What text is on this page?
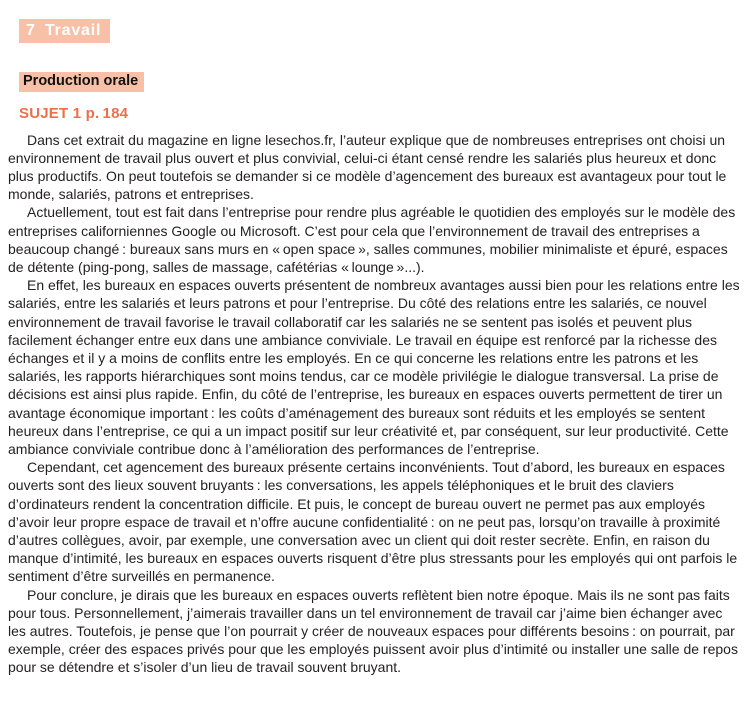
7 Travail
Production orale
SUJET 1 p. 184

Dans cet extrait du magazine en ligne lesechos.fr, l’auteur explique que de nombreuses entreprises ont choisi un environnement de travail plus ouvert et plus convivial, celui-ci étant censé rendre les salariés plus heureux et donc plus productifs. On peut toutefois se demander si ce modèle d’agencement des bureaux est avantageux pour tout le monde, salariés, patrons et entreprises.

Actuellement, tout est fait dans l’entreprise pour rendre plus agréable le quotidien des employés sur le modèle des entreprises californiennes Google ou Microsoft. C’est pour cela que l’environnement de travail des entreprises a beaucoup changé : bureaux sans murs en « open space », salles communes, mobilier minimaliste et épuré, espaces de détente (ping-pong, salles de massage, cafétérias « lounge »...).

En effet, les bureaux en espaces ouverts présentent de nombreux avantages aussi bien pour les relations entre les salariés, entre les salariés et leurs patrons et pour l’entreprise. Du côté des relations entre les salariés, ce nouvel environnement de travail favorise le travail collaboratif car les salariés ne se sentent pas isolés et peuvent plus facilement échanger entre eux dans une ambiance conviviale. Le travail en équipe est renforcé par la richesse des échanges et il y a moins de conflits entre les employés. En ce qui concerne les relations entre les patrons et les salariés, les rapports hiérarchiques sont moins tendus, car ce modèle privilégie le dialogue transversal. La prise de décisions est ainsi plus rapide. Enfin, du côté de l’entreprise, les bureaux en espaces ouverts permettent de tirer un avantage économique important : les coûts d’aménagement des bureaux sont réduits et les employés se sentent heureux dans l’entreprise, ce qui a un impact positif sur leur créativité et, par conséquent, sur leur productivité. Cette ambiance conviviale contribue donc à l’amélioration des performances de l’entreprise.

Cependant, cet agencement des bureaux présente certains inconvénients. Tout d’abord, les bureaux en espaces ouverts sont des lieux souvent bruyants : les conversations, les appels téléphoniques et le bruit des claviers d’ordinateurs rendent la concentration difficile. Et puis, le concept de bureau ouvert ne permet pas aux employés d’avoir leur propre espace de travail et n’offre aucune confidentialité : on ne peut pas, lorsqu’on travaille à proximité d’autres collègues, avoir, par exemple, une conversation avec un client qui doit rester secrète. Enfin, en raison du manque d’intimité, les bureaux en espaces ouverts risquent d’être plus stressants pour les employés qui ont parfois le sentiment d’être surveillés en permanence.

Pour conclure, je dirais que les bureaux en espaces ouverts reflètent bien notre époque. Mais ils ne sont pas faits pour tous. Personnellement, j’aimerais travailler dans un tel environnement de travail car j’aime bien échanger avec les autres. Toutefois, je pense que l’on pourrait y créer de nouveaux espaces pour différents besoins : on pourrait, par exemple, créer des espaces privés pour que les employés puissent avoir plus d’intimité ou installer une salle de repos pour se détendre et s’isoler d’un lieu de travail souvent bruyant.
